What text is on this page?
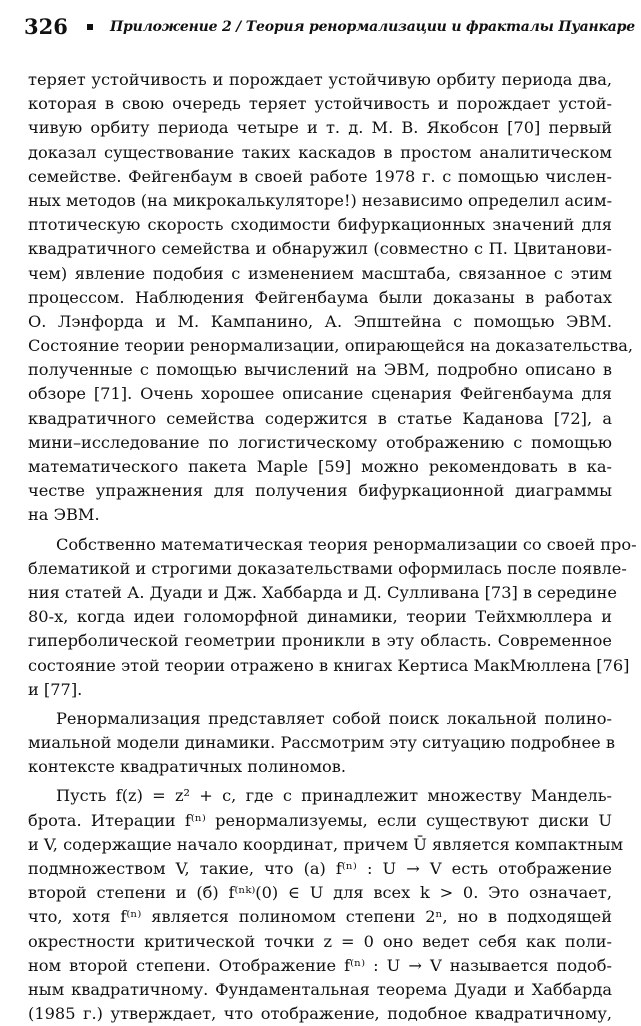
326	Приложение 2 / Теория ренормализации и фракталы Пуанкаре
теряет устойчивость и порождает устойчивую орбиту периода два,
которая в свою очередь теряет устойчивость и порождает устой-
чивую орбиту периода четыре и т. д. М. В. Якобсон [70] первый
доказал существование таких каскадов в простом аналитическом
семействе. Фейгенбаум в своей работе 1978 г. с помощью числен-
ных методов (на микрокалькуляторе!) независимо определил асим-
птотическую скорость сходимости бифуркационных значений для
квадратичного семейства и обнаружил (совместно с П. Цвитанови-
чем) явление подобия с изменением масштаба, связанное с этим
процессом. Наблюдения Фейгенбаума были доказаны в работах
О. Лэнфорда и М. Кампанино, А. Эпштейна с помощью ЭВМ.
Состояние теории ренормализации, опирающейся на доказательства,
полученные с помощью вычислений на ЭВМ, подробно описано в
обзоре [71]. Очень хорошее описание сценария Фейгенбаума для
квадратичного семейства содержится в статье Каданова [72], а
мини–исследование по логистическому отображению с помощью
математического пакета Maple [59] можно рекомендовать в ка-
честве упражнения для получения бифуркационной диаграммы
на ЭВМ.
Собственно математическая теория ренормализации со своей про-
блематикой и строгими доказательствами оформилась после появле-
ния статей А. Дуади и Дж. Хаббарда и Д. Сулливана [73] в середине
80-х, когда идеи голоморфной динамики, теории Тейхмюллера и
гиперболической геометрии проникли в эту область. Современное
состояние этой теории отражено в книгах Кертиса МакМюллена [76]
и [77].
Ренормализация представляет собой поиск локальной полино-
миальной модели динамики. Рассмотрим эту ситуацию подробнее в
контексте квадратичных полиномов.
Пусть f(z) = z² + c, где c принадлежит множеству Мандель-
брота. Итерации f⁽ⁿ⁾ ренормализуемы, если существуют диски U
и V, содержащие начало координат, причем Ū является компактным
подмножеством V, такие, что (a) f⁽ⁿ⁾ : U → V есть отображение
второй степени и (б) f⁽ⁿᵏ⁾(0) ∈ U для всех k > 0. Это означает,
что, хотя f⁽ⁿ⁾ является полиномом степени 2ⁿ, но в подходящей
окрестности критической точки z = 0 оно ведет себя как поли-
ном второй степени. Отображение f⁽ⁿ⁾ : U → V называется подоб-
ным квадратичному. Фундаментальная теорема Дуади и Хаббарда
(1985 г.) утверждает, что отображение, подобное квадратичному,
